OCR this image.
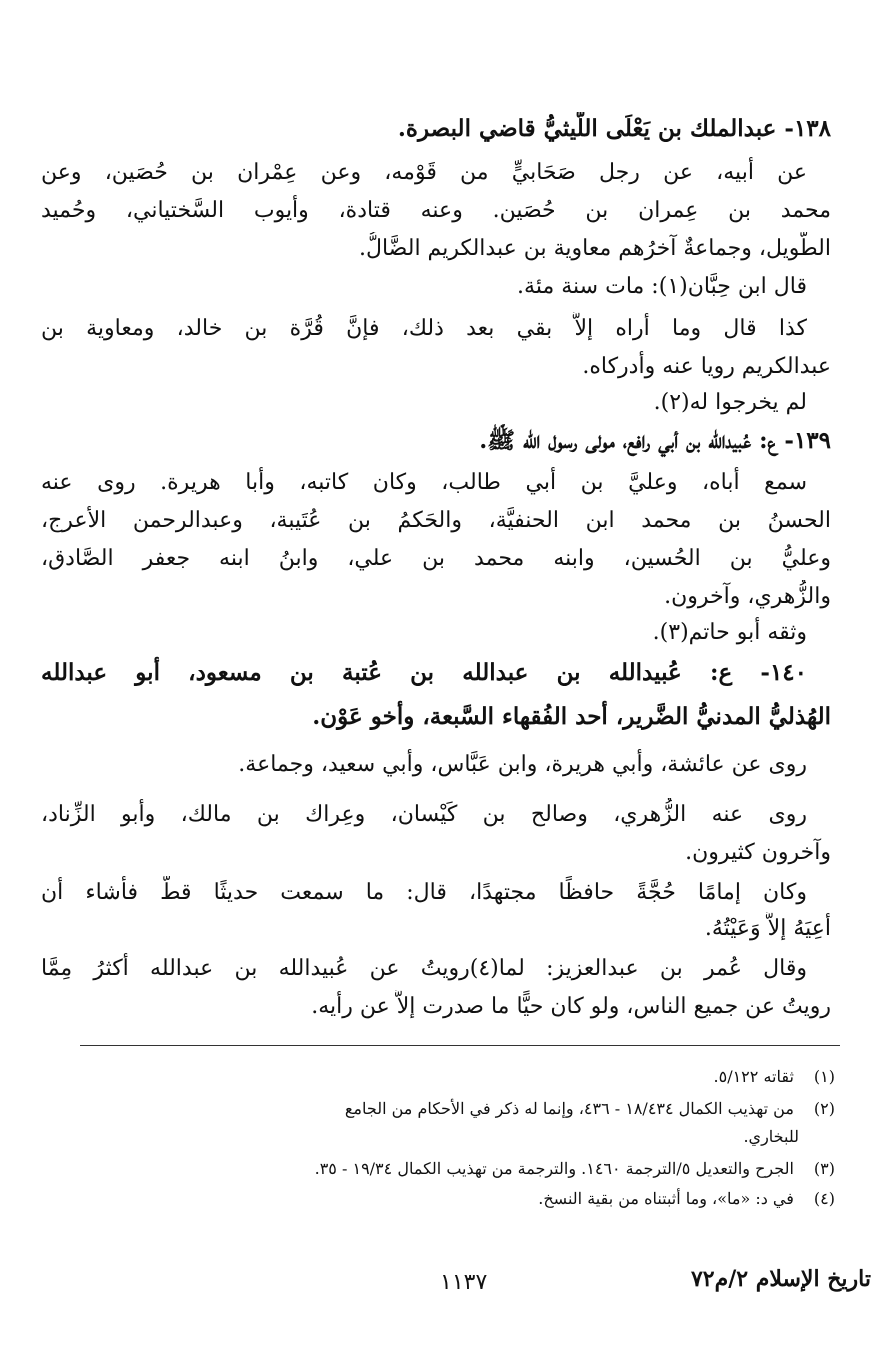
١٣٨- عبدالملك بن يَعْلَى اللَّيثيُّ قاضي البصرة.
عن أبيه، عن رجل صَحَابيٍّ من قَوْمه، وعن عِمْران بن حُصَين، وعن
محمد بن عِمران بن حُصَين. وعنه قتادة، وأيوب السَّختياني، وحُميد
الطَّويل، وجماعةٌ آخرُهم معاوية بن عبدالكريم الضَّالُّ.
قال ابن حِبَّان(١): مات سنة مئة.
كذا قال وما أراه إلاَّ بقي بعد ذلك، فإنَّ قُرَّة بن خالد، ومعاوية بن
عبدالكريم رويا عنه وأدركاه.
لم يخرجوا له(٢).
١٣٩- ع: عُبيدالله بن أبي رافع، مولى رسول الله ﷺ.
سمع أباه، وعليَّ بن أبي طالب، وكان كاتبه، وأبا هريرة. روى عنه
الحسنُ بن محمد ابن الحنفيَّة، والحَكمُ بن عُتَيبة، وعبدالرحمن الأعرج،
وعليُّ بن الحُسين، وابنه محمد بن علي، وابنُ ابنه جعفر الصَّادق،
والزُّهري، وآخرون.
وثقه أبو حاتم(٣).
١٤٠- ع: عُبيدالله بن عبدالله بن عُتبة بن مسعود، أبو عبدالله
الهُذليُّ المدنيُّ الضَّرير، أحد الفُقهاء السَّبعة، وأخو عَوْن.
روى عن عائشة، وأبي هريرة، وابن عَبَّاس، وأبي سعيد، وجماعة.
روى عنه الزُّهري، وصالح بن كَيْسان، وعِراك بن مالك، وأبو الزِّناد،
وآخرون كثيرون.
وكان إمامًا حُجَّةً حافظًا مجتهدًا، قال: ما سمعت حديثًا قطُّ فأشاء أن
أعِيَهُ إلاَّ وَعَيْتُهُ.
وقال عُمر بن عبدالعزيز: لما(٤)رويتُ عن عُبيدالله بن عبدالله أكثرُ مِمَّا
رويتُ عن جميع الناس، ولو كان حيًّا ما صدرت إلاَّ عن رأيه.
(١) ثقاته ٥/١٢٢.
(٢) من تهذيب الكمال ١٨/٤٣٤ - ٤٣٦، وإنما له ذكر في الأحكام من الجامع
للبخاري.
(٣) الجرح والتعديل ٥/الترجمة ١٤٦٠. والترجمة من تهذيب الكمال ١٩/٣٤ - ٣٥.
(٤) في د: «ما»، وما أثبتناه من بقية النسخ.
تاريخ الإسلام ٢/م٧٢
١١٣٧
